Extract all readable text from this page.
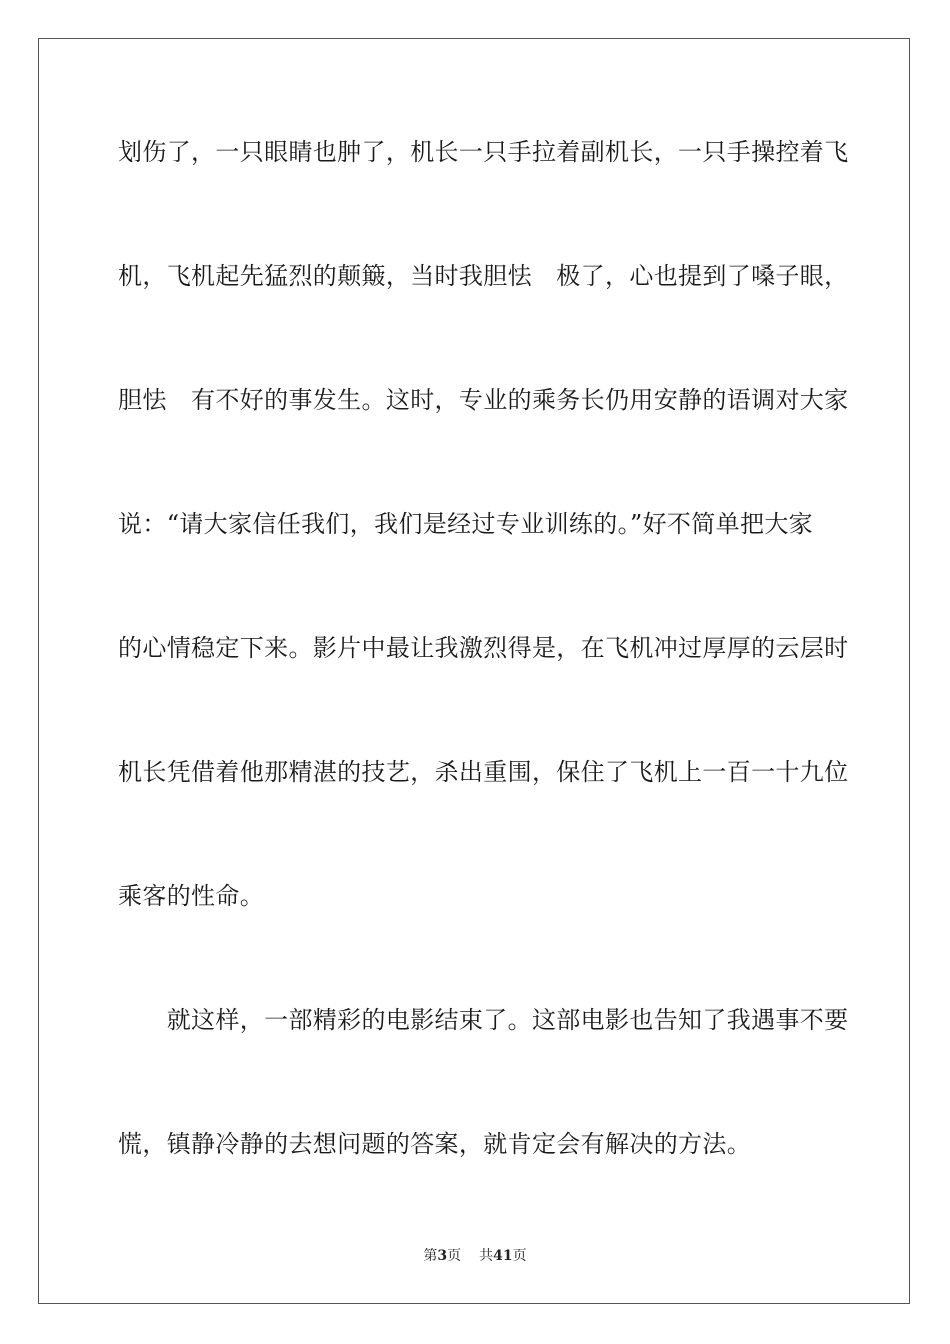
划伤了，一只眼睛也肿了，机长一只手拉着副机长，一只手操控着飞
机，飞机起先猛烈的颠簸，当时我胆怯　极了，心也提到了嗓子眼，
胆怯　有不好的事发生。这时，专业的乘务长仍用安静的语调对大家
说：“请大家信任我们，我们是经过专业训练的。”好不简单把大家
的心情稳定下来。影片中最让我激烈得是，在飞机冲过厚厚的云层时
机长凭借着他那精湛的技艺，杀出重围，保住了飞机上一百一十九位
乘客的性命。
　　就这样，一部精彩的电影结束了。这部电影也告知了我遇事不要
慌，镇静冷静的去想问题的答案，就肯定会有解决的方法。
第3页 共41页
